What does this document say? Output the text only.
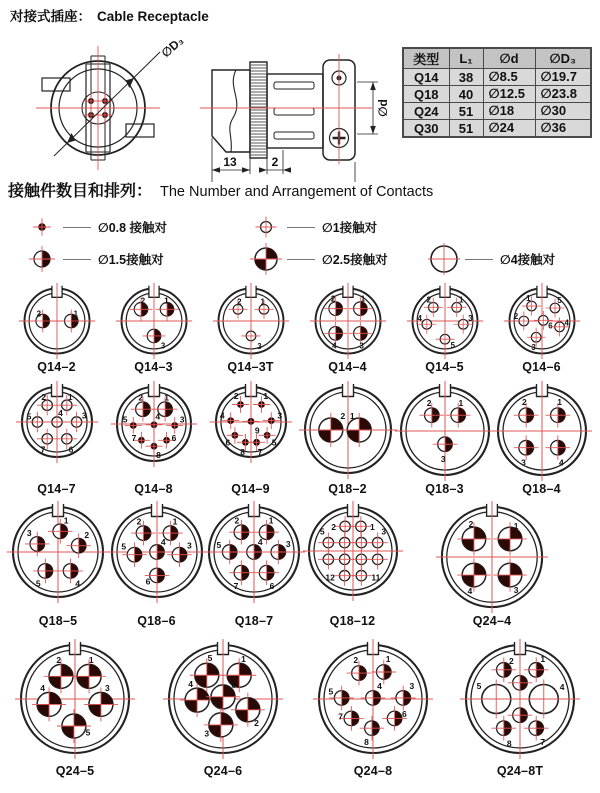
对接式插座： Cable Receptacle
∅D₃
13	2
∅d
类型	L₁	∅d	∅D₃
Q14	38	∅8.5	∅19.7
Q18	40	∅12.5	∅23.8
Q24	51	∅18	∅30
Q30	51	∅24	∅36
接触件数目和排列： The Number and Arrangement of Contacts
∅0.8 接触对	∅1接触对
∅1.5接触对	∅2.5接触对	∅4接触对
2	1
Q14–2
2 1
3
Q14–3
2 1
3
Q14–3T
2	1
4	3
Q14–4
2	1
4	3
5
Q14–5
1	5
2
6 4
3
Q14–6
2	1
5	4 3
7	6
Q14–7
2 1
5	4 3
7	6
8
Q14–8
2	1
4	3
9
6	5
8 7
Q14–9
2 1
Q18–2
2	1
3
Q18–3
2	1
3	4
Q18–4
1
2
3
5	4
Q18–5
2	1
5	4	3
6
Q18–6
2	1
5	4	3
7	6
Q18–7
2	1
5	3
12	11
Q18–12
2	1
4	3
Q24–4
2	1
4	3
5
Q24–5
5	1
4	6
2
3
Q24–6
2	1
5
4	3
7	6
8
Q24–8
2	1
5	4
8	7
Q24–8T
